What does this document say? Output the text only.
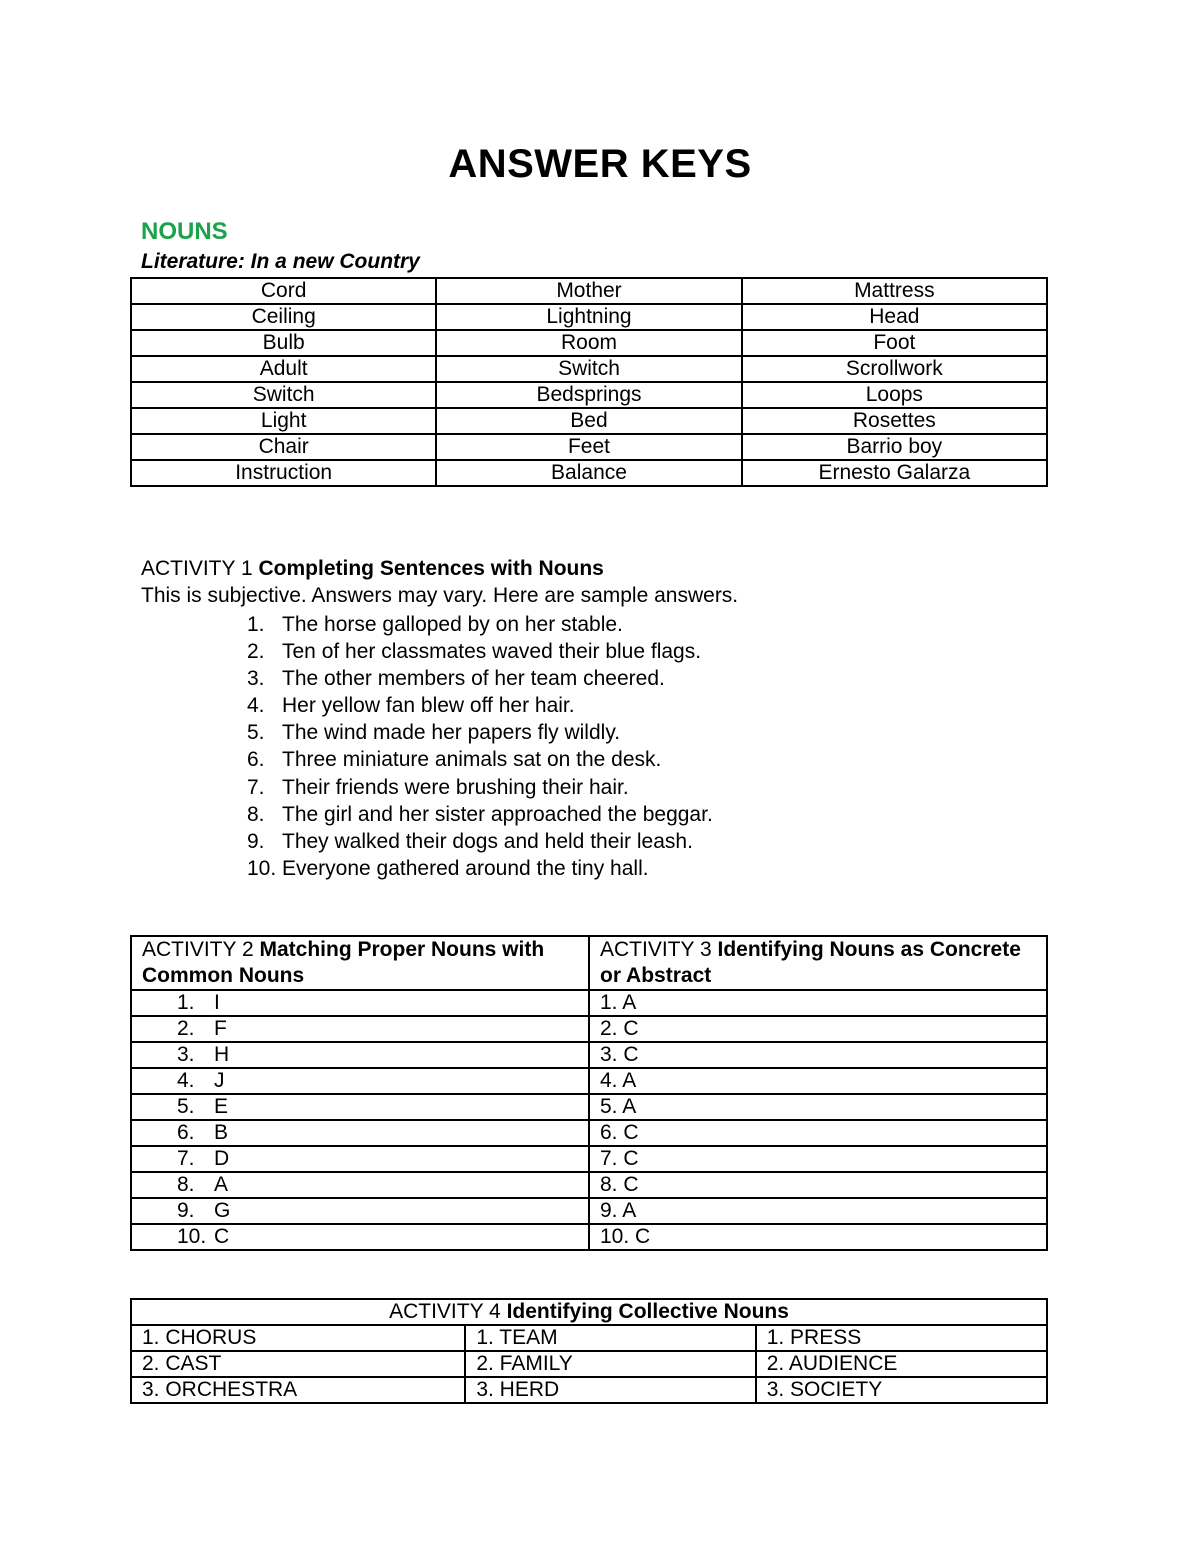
ANSWER KEYS
NOUNS
Literature: In a new Country
Cord	Mother	Mattress
Ceiling	Lightning	Head
Bulb	Room	Foot
Adult	Switch	Scrollwork
Switch	Bedsprings	Loops
Light	Bed	Rosettes
Chair	Feet	Barrio boy
Instruction	Balance	Ernesto Galarza
ACTIVITY 1 Completing Sentences with Nouns
This is subjective. Answers may vary. Here are sample answers.
1. The horse galloped by on her stable.
2. Ten of her classmates waved their blue flags.
3. The other members of her team cheered.
4. Her yellow fan blew off her hair.
5. The wind made her papers fly wildly.
6. Three miniature animals sat on the desk.
7. Their friends were brushing their hair.
8. The girl and her sister approached the beggar.
9. They walked their dogs and held their leash.
10. Everyone gathered around the tiny hall.
ACTIVITY 2 Matching Proper Nouns with Common Nouns	ACTIVITY 3 Identifying Nouns as Concrete or Abstract
1. I	1. A
2. F	2. C
3. H	3. C
4. J	4. A
5. E	5. A
6. B	6. C
7. D	7. C
8. A	8. C
9. G	9. A
10. C	10. C
ACTIVITY 4 Identifying Collective Nouns		
1. CHORUS	1. TEAM	1. PRESS
2. CAST	2. FAMILY	2. AUDIENCE
3. ORCHESTRA	3. HERD	3. SOCIETY
